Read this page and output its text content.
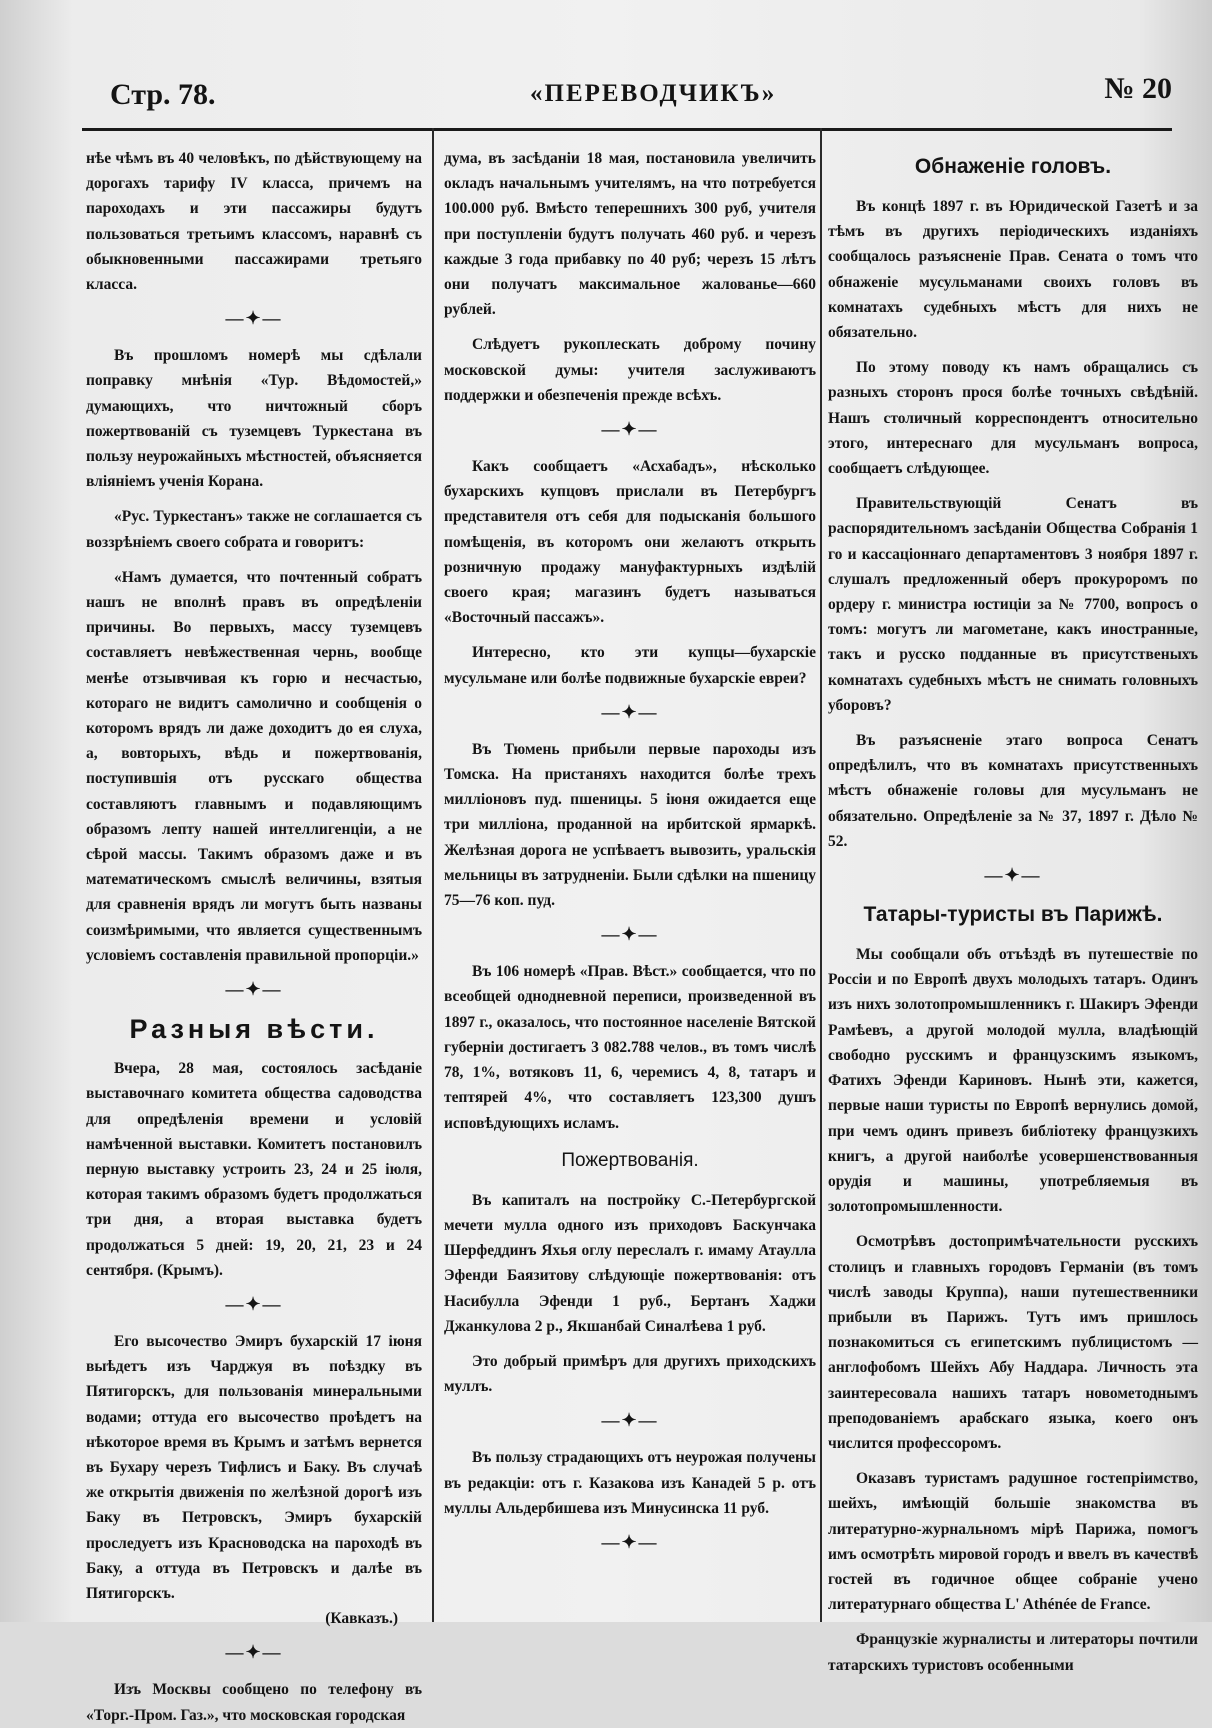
Стр. 78.	«ПЕРЕВОДЧИКЪ»	№ 20

нѣе чѣмъ въ 40 человѣкъ, по дѣйствующему на дорогахъ тарифу IV класса, причемъ на пароходахъ и эти пассажиры будутъ пользоваться третьимъ классомъ, наравнѣ съ обыкновенными пассажирами третьяго класса.

—✦—

Въ прошломъ номерѣ мы сдѣлали поправку мнѣнія «Тур. Вѣдомостей,» думающихъ, что ничтожный сборъ пожертвованій съ туземцевъ Туркестана въ пользу неурожайныхъ мѣстностей, объясняется вліяніемъ ученія Корана.

«Рус. Туркестанъ» также не соглашается съ воззрѣніемъ своего собрата и говоритъ:

«Намъ думается, что почтенный собратъ нашъ не вполнѣ правъ въ опредѣленіи причины. Во первыхъ, массу туземцевъ составляетъ невѣжественная чернь, вообще менѣе отзывчивая къ горю и несчастью, котораго не видитъ самолично и сообщенія о которомъ врядъ ли даже доходитъ до ея слуха, а, вовторыхъ, вѣдь и пожертвованія, поступившія отъ русскаго общества составляютъ главнымъ и подавляющимъ образомъ лепту нашей интеллигенціи, а не сѣрой массы. Такимъ образомъ даже и въ математическомъ смыслѣ величины, взятыя для сравненія врядъ ли могутъ быть названы соизмѣримыми, что является существеннымъ условіемъ составленія правильной пропорціи.»

—✦—
Разныя вѣсти.

Вчера, 28 мая, состоялось засѣданіе выставочнаго комитета общества садоводства для опредѣленія времени и условій намѣченной выставки. Комитетъ постановилъ перную выставку устроить 23, 24 и 25 іюля, которая такимъ образомъ будетъ продолжаться три дня, а вторая выставка будетъ продолжаться 5 дней: 19, 20, 21, 23 и 24 сентября. (Крымъ).

—✦—

Его высочество Эмиръ бухарскій 17 іюня выѣдетъ изъ Чарджуя въ поѣздку въ Пятигорскъ, для пользованія минеральными водами; оттуда его высочество проѣдетъ на нѣкоторое время въ Крымъ и затѣмъ вернется въ Бухару черезъ Тифлисъ и Баку. Въ случаѣ же открытія движенія по желѣзной дорогѣ изъ Баку въ Петровскъ, Эмиръ бухарскій проследуетъ изъ Красноводска на пароходѣ въ Баку, а оттуда въ Петровскъ и далѣе въ Пятигорскъ.

(Кавказъ.)

—✦—

Изъ Москвы сообщено по телефону въ «Торг.-Пром. Газ.», что московская городская

дума, въ засѣданіи 18 мая, постановила увеличить окладъ начальнымъ учителямъ, на что потребуется 100.000 руб. Вмѣсто теперешнихъ 300 руб, учителя при поступленіи будутъ получать 460 руб. и черезъ каждые 3 года прибавку по 40 руб; черезъ 15 лѣтъ они получатъ максимальное жалованье—660 рублей.

Слѣдуетъ рукоплескать доброму почину московской думы: учителя заслуживаютъ поддержки и обезпеченія прежде всѣхъ.

—✦—

Какъ сообщаетъ «Асхабадъ», нѣсколько бухарскихъ купцовъ прислали въ Петербургъ представителя отъ себя для подысканія большого помѣщенія, въ которомъ они желаютъ открыть розничную продажу мануфактурныхъ издѣлій своего края; магазинъ будетъ называться «Восточный пассажъ».

Интересно, кто эти купцы—бухарскіе мусульмане или болѣе подвижные бухарскіе евреи?

—✦—

Въ Тюмень прибыли первые пароходы изъ Томска. На пристаняхъ находится болѣе трехъ милліоновъ пуд. пшеницы. 5 іюня ожидается еще три милліона, проданной на ирбитской ярмаркѣ. Желѣзная дорога не успѣваетъ вывозить, уральскія мельницы въ затрудненіи. Были сдѣлки на пшеницу 75—76 коп. пуд.

—✦—

Въ 106 номерѣ «Прав. Вѣст.» сообщается, что по всеобщей однодневной переписи, произведенной въ 1897 г., оказалось, что постоянное населеніе Вятской губерніи достигаетъ 3 082.788 челов., въ томъ числѣ 78, 1%, вотяковъ 11, 6, черемисъ 4, 8, татаръ и тептярей 4%, что составляетъ 123,300 душъ исповѣдующихъ исламъ.

Пожертвованія.

Въ капиталъ на постройку С.-Петербургской мечети мулла одного изъ приходовъ Баскунчака Шерфеддинъ Яхья оглу переслалъ г. имаму Атаулла Эфенди Баязитову слѣдующіе пожертвованія: отъ Насибулла Эфенди 1 руб., Бертанъ Хаджи Джанкулова 2 р., Якшанбай Синалѣева 1 руб.

Это добрый примѣръ для другихъ приходскихъ муллъ.

—✦—

Въ пользу страдающихъ отъ неурожая получены въ редакціи: отъ г. Казакова изъ Канадей 5 р. отъ муллы Альдербишева изъ Минусинска 11 руб.

—✦—
Обнаженіе головъ.

Въ концѣ 1897 г. въ Юридической Газетѣ и за тѣмъ въ другихъ періодическихъ изданіяхъ сообщалось разъясненіе Прав. Сената о томъ что обнаженіе мусульманами своихъ головъ въ комнатахъ судебныхъ мѣстъ для нихъ не обязательно.

По этому поводу къ намъ обращались съ разныхъ сторонъ прося болѣе точныхъ свѣдѣній. Нашъ столичный корреспондентъ относительно этого, интереснаго для мусульманъ вопроса, сообщаетъ слѣдующее.

Правительствующій Сенатъ въ распорядительномъ засѣданіи Общества Собранія 1 го и кассаціоннаго департаментовъ 3 ноября 1897 г. слушалъ предложенный оберъ прокуроромъ по ордеру г. министра юстиціи за № 7700, вопросъ о томъ: могутъ ли магометане, какъ иностранные, такъ и русско подданные въ присутственыхъ комнатахъ судебныхъ мѣстъ не снимать головныхъ уборовъ?

Въ разъясненіе этаго вопроса Сенатъ опредѣлилъ, что въ комнатахъ присутственныхъ мѣстъ обнаженіе головы для мусульманъ не обязательно. Опредѣленіе за № 37, 1897 г. Дѣло № 52.

—✦—
Татары-туристы въ Парижѣ.

Мы сообщали объ отъѣздѣ въ путешествіе по Россіи и по Европѣ двухъ молодыхъ татаръ. Одинъ изъ нихъ золотопромышленникъ г. Шакиръ Эфенди Рамѣевъ, а другой молодой мулла, владѣющій свободно русскимъ и французскимъ языкомъ, Фатихъ Эфенди Кариновъ. Нынѣ эти, кажется, первые наши туристы по Европѣ вернулись домой, при чемъ одинъ привезъ библіотеку французкихъ книгъ, а другой наиболѣе усовершенствованныя орудія и машины, употребляемыя въ золотопромышленности.

Осмотрѣвъ достопримѣчательности русскихъ столицъ и главныхъ городовъ Германіи (въ томъ числѣ заводы Круппа), наши путешественники прибыли въ Парижъ. Тутъ имъ пришлось познакомиться съ египетскимъ публицистомъ — англофобомъ Шейхъ Абу Наддара. Личность эта заинтересовала нашихъ татаръ новометоднымъ преподованіемъ арабскаго языка, коего онъ числится профессоромъ.

Оказавъ туристамъ радушное гостепріимство, шейхъ, имѣющій большіе знакомства въ литературно-журнальномъ мірѣ Парижа, помогъ имъ осмотрѣть мировой городъ и ввелъ въ качествѣ гостей въ годичное общее собраніе учено литературнаго общества L' Athénée de France.

Французкіе журналисты и литераторы почтили татарскихъ туристовъ особенными
